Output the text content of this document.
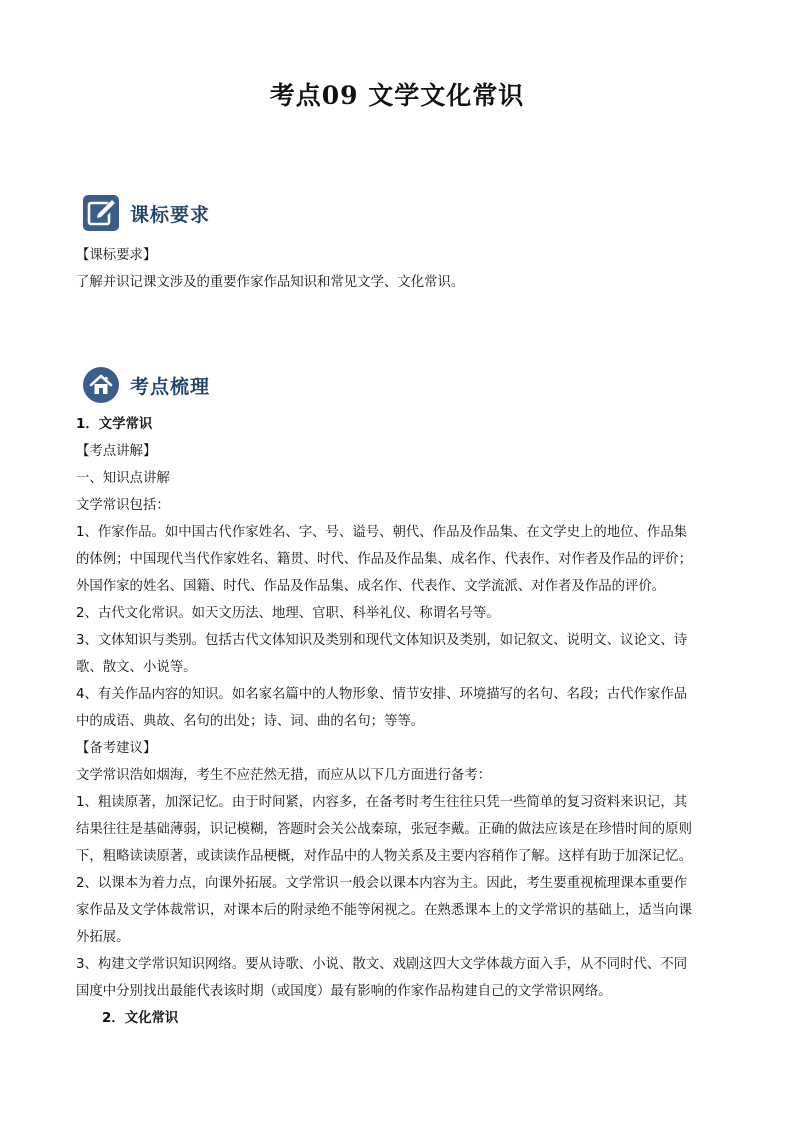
考点09 文学文化常识
课标要求

【课标要求】

了解并识记课文涉及的重要作家作品知识和常见文学、文化常识。

考点梳理

1．文学常识

【考点讲解】

一、知识点讲解

文学常识包括：

1、作家作品。如中国古代作家姓名、字、号、谥号、朝代、作品及作品集、在文学史上的地位、作品集

的体例；中国现代当代作家姓名、籍贯、时代、作品及作品集、成名作、代表作、对作者及作品的评价；

外国作家的姓名、国籍、时代、作品及作品集、成名作、代表作、文学流派、对作者及作品的评价。

2、古代文化常识。如天文历法、地理、官职、科举礼仪、称谓名号等。

3、文体知识与类别。包括古代文体知识及类别和现代文体知识及类别，如记叙文、说明文、议论文、诗

歌、散文、小说等。

4、有关作品内容的知识。如名家名篇中的人物形象、情节安排、环境描写的名句、名段；古代作家作品

中的成语、典故、名句的出处；诗、词、曲的名句；等等。

【备考建议】

文学常识浩如烟海，考生不应茫然无措，而应从以下几方面进行备考：

1、粗读原著，加深记忆。由于时间紧，内容多，在备考时考生往往只凭一些简单的复习资料来识记，其

结果往往是基础薄弱，识记模糊，答题时会关公战秦琼，张冠李戴。正确的做法应该是在珍惜时间的原则

下，粗略读读原著，或读读作品梗概，对作品中的人物关系及主要内容稍作了解。这样有助于加深记忆。

2、以课本为着力点，向课外拓展。文学常识一般会以课本内容为主。因此，考生要重视梳理课本重要作

家作品及文学体裁常识，对课本后的附录绝不能等闲视之。在熟悉课本上的文学常识的基础上，适当向课

外拓展。

3、构建文学常识知识网络。要从诗歌、小说、散文、戏剧这四大文学体裁方面入手，从不同时代、不同

国度中分别找出最能代表该时期（或国度）最有影响的作家作品构建自己的文学常识网络。

2．文化常识
